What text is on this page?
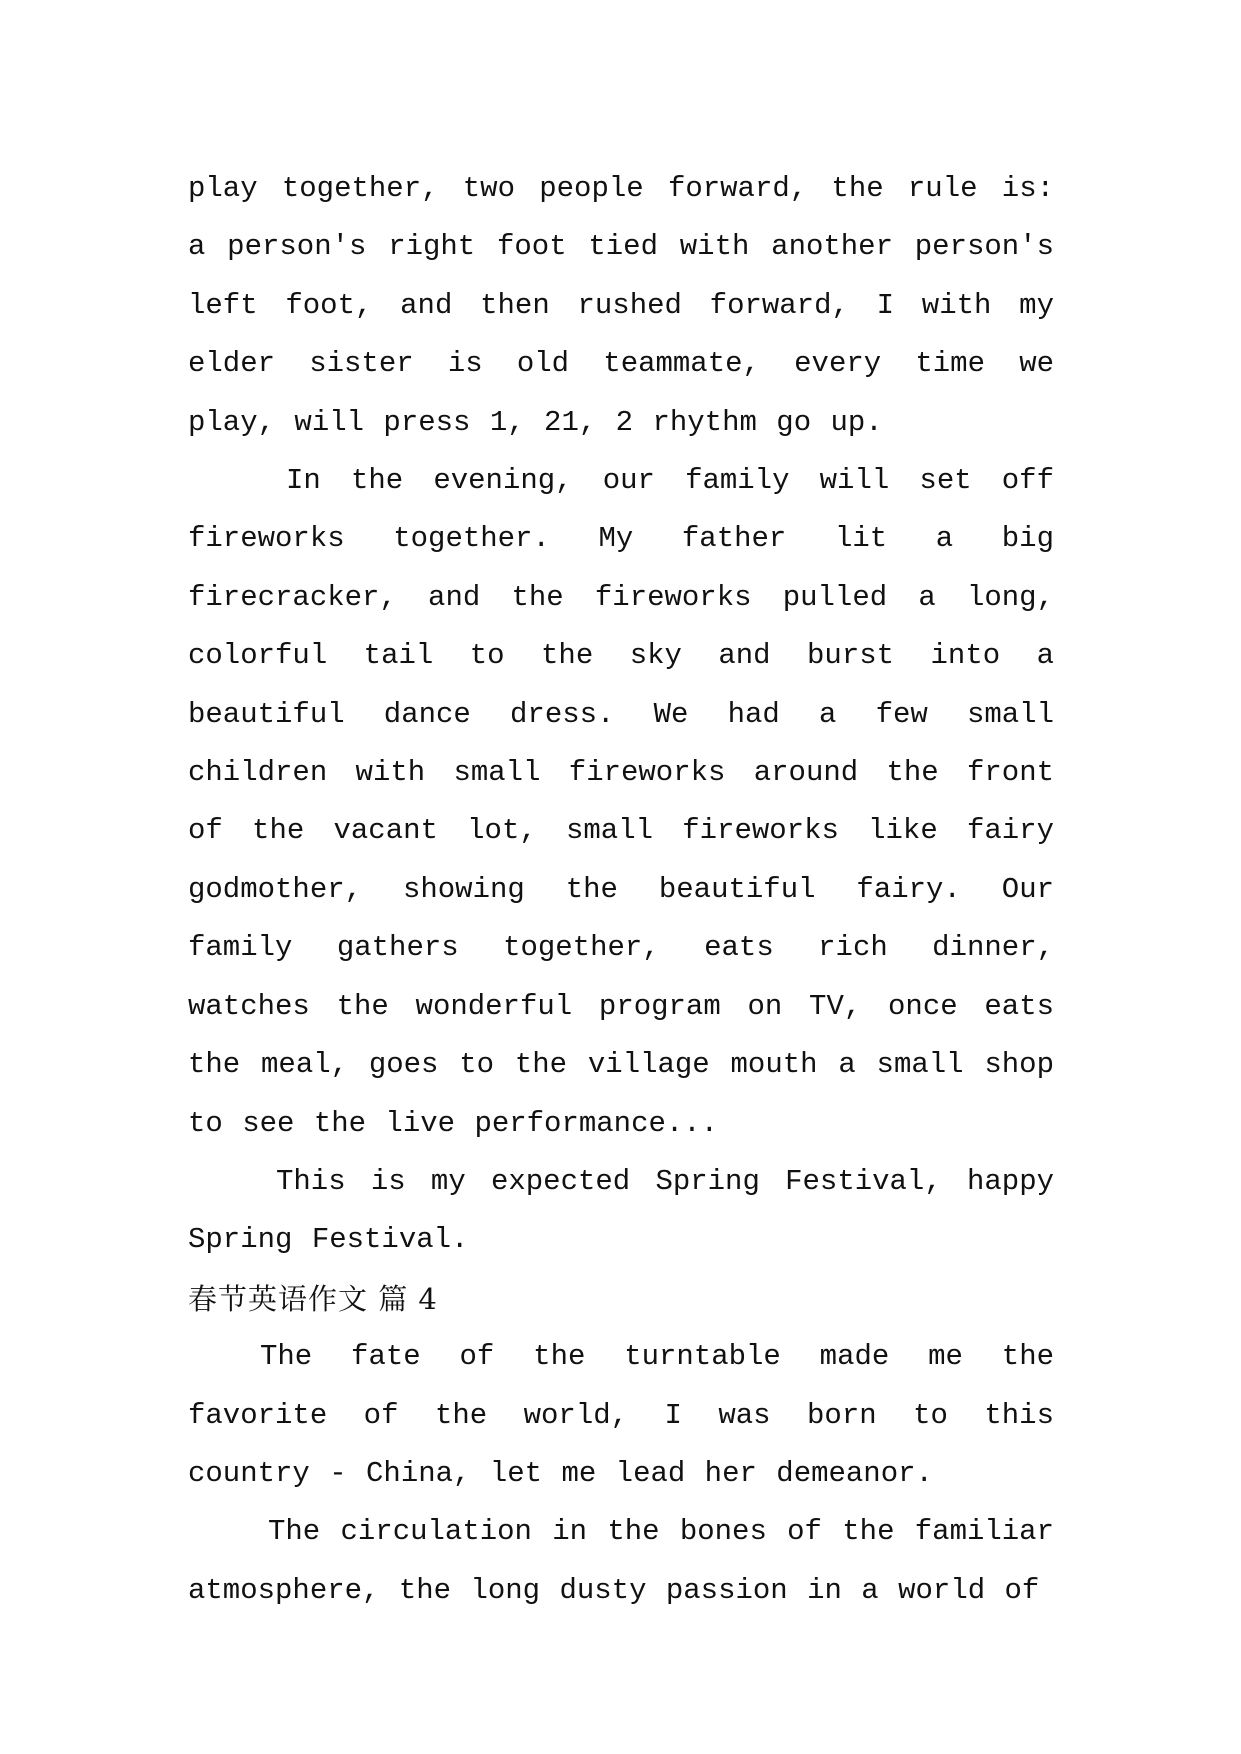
play together, two people forward, the rule is: a person's right foot tied with another person's left foot, and then rushed forward, I with my elder sister is old teammate, every time we play, will press 1, 21, 2 rhythm go up.

In the evening, our family will set off fireworks together. My father lit a big firecracker, and the fireworks pulled a long, colorful tail to the sky and burst into a beautiful dance dress. We had a few small children with small fireworks around the front of the vacant lot, small fireworks like fairy godmother, showing the beautiful fairy. Our family gathers together, eats rich dinner, watches the wonderful program on TV, once eats the meal, goes to the village mouth a small shop to see the live performance...

This is my expected Spring Festival, happy Spring Festival.

春节英语作文 篇 4

The fate of the turntable made me the favorite of the world, I was born to this country - China, let me lead her demeanor.

The circulation in the bones of the familiar atmosphere, the long dusty passion in a world of
